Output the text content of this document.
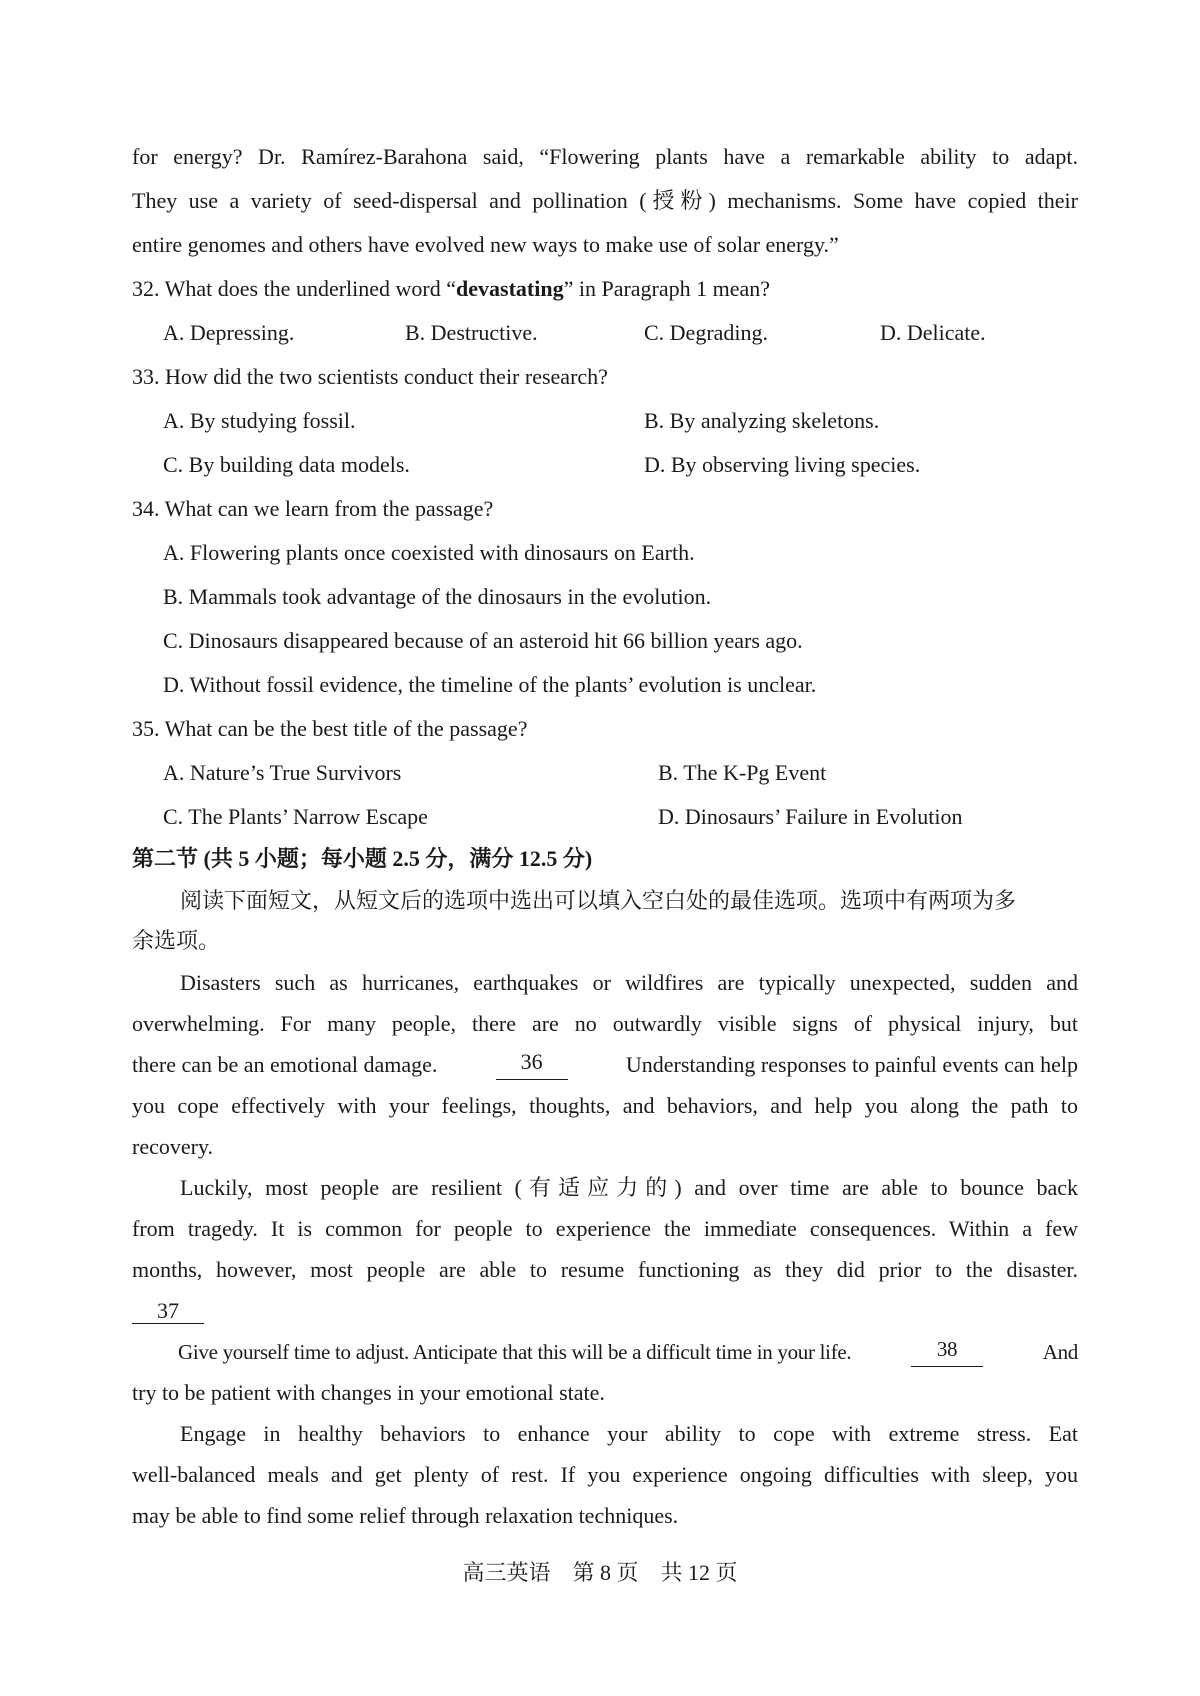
for energy? Dr. Ramírez-Barahona said, “Flowering plants have a remarkable ability to adapt.
They use a variety of seed-dispersal and pollination (授粉) mechanisms. Some have copied their
entire genomes and others have evolved new ways to make use of solar energy.”
32. What does the underlined word “devastating” in Paragraph 1 mean?
A. Depressing.	B. Destructive.	C. Degrading.	D. Delicate.
33. How did the two scientists conduct their research?
A. By studying fossil.	B. By analyzing skeletons.
C. By building data models.	D. By observing living species.
34. What can we learn from the passage?
A. Flowering plants once coexisted with dinosaurs on Earth.
B. Mammals took advantage of the dinosaurs in the evolution.
C. Dinosaurs disappeared because of an asteroid hit 66 billion years ago.
D. Without fossil evidence, the timeline of the plants’ evolution is unclear.
35. What can be the best title of the passage?
A. Nature’s True Survivors	B. The K-Pg Event
C. The Plants’ Narrow Escape	D. Dinosaurs’ Failure in Evolution
第二节 (共 5 小题；每小题 2.5 分，满分 12.5 分)
阅读下面短文，从短文后的选项中选出可以填入空白处的最佳选项。选项中有两项为多
余选项。
Disasters such as hurricanes, earthquakes or wildfires are typically unexpected, sudden and
overwhelming. For many people, there are no outwardly visible signs of physical injury, but
there can be an emotional damage.	36	Understanding responses to painful events can help
you cope effectively with your feelings, thoughts, and behaviors, and help you along the path to
recovery.
Luckily, most people are resilient (有适应力的) and over time are able to bounce back
from tragedy. It is common for people to experience the immediate consequences. Within a few
months, however, most people are able to resume functioning as they did prior to the disaster.
37
Give yourself time to adjust. Anticipate that this will be a difficult time in your life.	38	And
try to be patient with changes in your emotional state.
Engage in healthy behaviors to enhance your ability to cope with extreme stress. Eat
well-balanced meals and get plenty of rest. If you experience ongoing difficulties with sleep, you
may be able to find some relief through relaxation techniques.
高三英语　第 8 页　共 12 页
